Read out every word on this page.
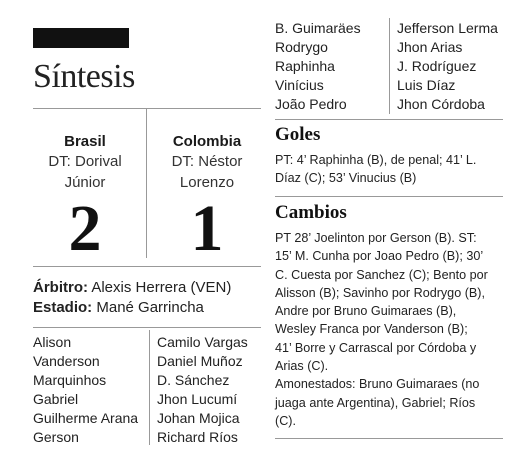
Síntesis
Brasil
DT: Dorival
Júnior
Colombia
DT: Néstor
Lorenzo
2	1
Árbitro: Alexis Herrera (VEN)
Estadio: Mané Garrincha
Alison
Vanderson
Marquinhos
Gabriel
Guilherme Arana
Gerson
Camilo Vargas
Daniel Muñoz
D. Sánchez
Jhon Lucumí
Johan Mojica
Richard Ríos
B. Guimaräes
Rodrygo
Raphinha
Vinícius
João Pedro
Jefferson Lerma
Jhon Arias
J. Rodríguez
Luis Díaz
Jhon Córdoba
Goles
PT: 4’ Raphinha (B), de penal; 41’ L.
Díaz (C); 53’ Vinucius (B)
Cambios
PT 28’ Joelinton por Gerson (B). ST:
15’ M. Cunha por Joao Pedro (B); 30’
C. Cuesta por Sanchez (C); Bento por
Alisson (B); Savinho por Rodrygo (B),
Andre por Bruno Guimaraes (B),
Wesley Franca por Vanderson (B);
41’ Borre y Carrascal por Córdoba y
Arias (C).
Amonestados: Bruno Guimaraes (no
juaga ante Argentina), Gabriel; Ríos
(C).
